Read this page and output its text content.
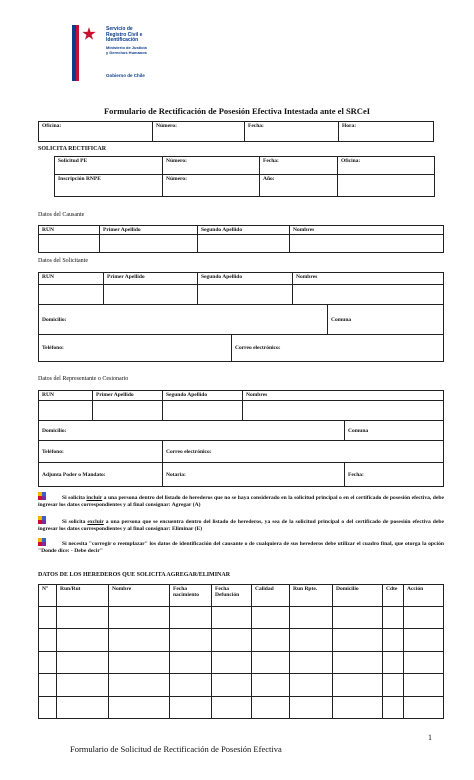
Servicio de
Registro Civil e
Identificación
Ministerio de Justicia
y Derechos Humanos
Gobierno de Chile
Formulario de Rectificación de Posesión Efectiva Intestada ante el SRCeI
Oficina:	Número:	Fecha:	Hora:
SOLICITA RECTIFICAR
Solicitud PE	Número:	Fecha:	Oficina:
Inscripción RNPE	Número:	Año:	
Datos del Causante
RUN	Primer Apellido	Segundo Apellido	Nombres

Datos del Solicitante
RUN	Primer Apellido	Segundo Apellido		Nombres	

Domicilio:					Comuna
Teléfono:			Correo electrónico:		
Datos del Representante o Cesionario
RUN	Primer Apellido	Segundo Apellido	Nombres	

Domicilio:				Comuna
Teléfono:		Correo electrónico:		
Adjunta Poder o Mandato:		Notaria:		Fecha:
Si solicita incluir a una persona dentro del listado de herederos que no se haya considerado en la solicitud principal o en el certificado de posesión efectiva, debe ingresar los datos correspondientes y al final consignar: Agregar (A)
Si solicita excluir a una persona que se encuentra dentro del listado de herederos, ya sea de la solicitud principal o del certificado de posesión efectiva debe ingresar los datos correspondientes y al final consignar: Eliminar (E)
Si necesita "corregir o reemplazar" los datos de identificación del causante o de cualquiera de sus herederos debe utilizar el cuadro final, que otorga la opción "Donde dice: - Debe decir"
DATOS DE LOS HEREDEROS QUE SOLICITA AGREGAR/ELIMINAR
N°	Run/Rut	Nombre	Fecha nacimiento	Fecha Defunción	Calidad	Run Rpte.	Domicilio	Cdte	Acción

1
Formulario de Solicitud de Rectificación de Posesión Efectiva
